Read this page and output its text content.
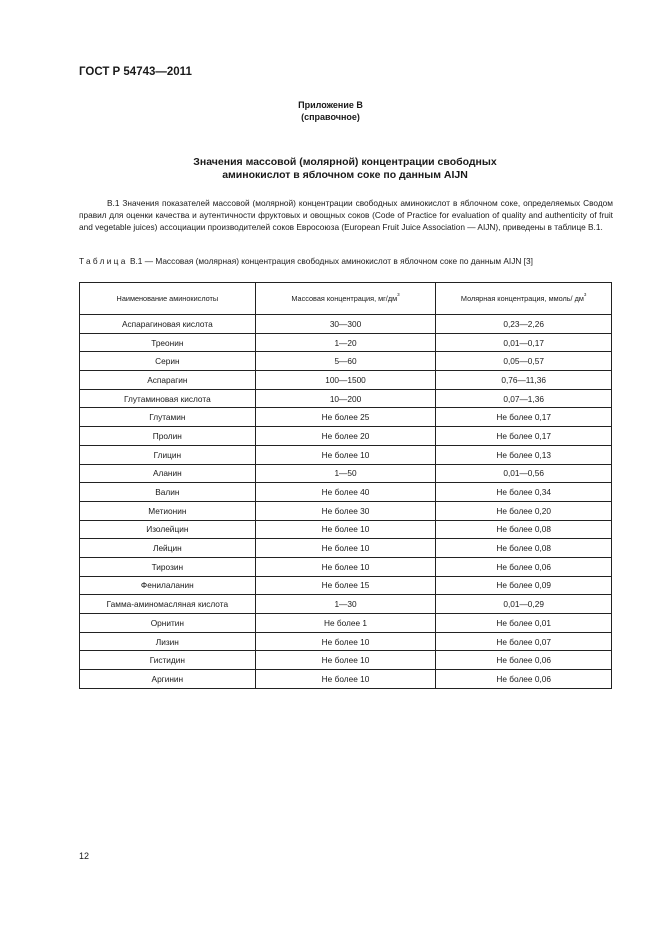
ГОСТ Р 54743—2011
Приложение В
(справочное)
Значения массовой (молярной) концентрации свободных
аминокислот в яблочном соке по данным AIJN
В.1 Значения показателей массовой (молярной) концентрации свободных аминокислот в яблочном соке, определяемых Сводом правил для оценки качества и аутентичности фруктовых и овощных соков (Code of Practice for evaluation of quality and authenticity of fruit and vegetable juices) ассоциации производителей соков Евросоюза (European Fruit Juice Association — AIJN), приведены в таблице В.1.
Таблица В.1 — Массовая (молярная) концентрация свободных аминокислот в яблочном соке по данным AIJN [3]
Наименование аминокислоты	Массовая концентрация, $мг/дм^3$	Молярная концентрация, ммоль/ $дм^3$
Аспарагиновая кислота	30—300	0,23—2,26
Треонин	1—20	0,01—0,17
Серин	5—60	0,05—0,57
Аспарагин	100—1500	0,76—11,36
Глутаминовая кислота	10—200	0,07—1,36
Глутамин	Не более 25	Не более 0,17
Пролин	Не более 20	Не более 0,17
Глицин	Не более 10	Не более 0,13
Аланин	1—50	0,01—0,56
Валин	Не более 40	Не более 0,34
Метионин	Не более 30	Не более 0,20
Изолейцин	Не более 10	Не более 0,08
Лейцин	Не более 10	Не более 0,08
Тирозин	Не более 10	Не более 0,06
Фенилаланин	Не более 15	Не более 0,09
Гамма-аминомасляная кислота	1—30	0,01—0,29
Орнитин	Не более 1	Не более 0,01
Лизин	Не более 10	Не более 0,07
Гистидин	Не более 10	Не более 0,06
Аргинин	Не более 10	Не более 0,06
12
